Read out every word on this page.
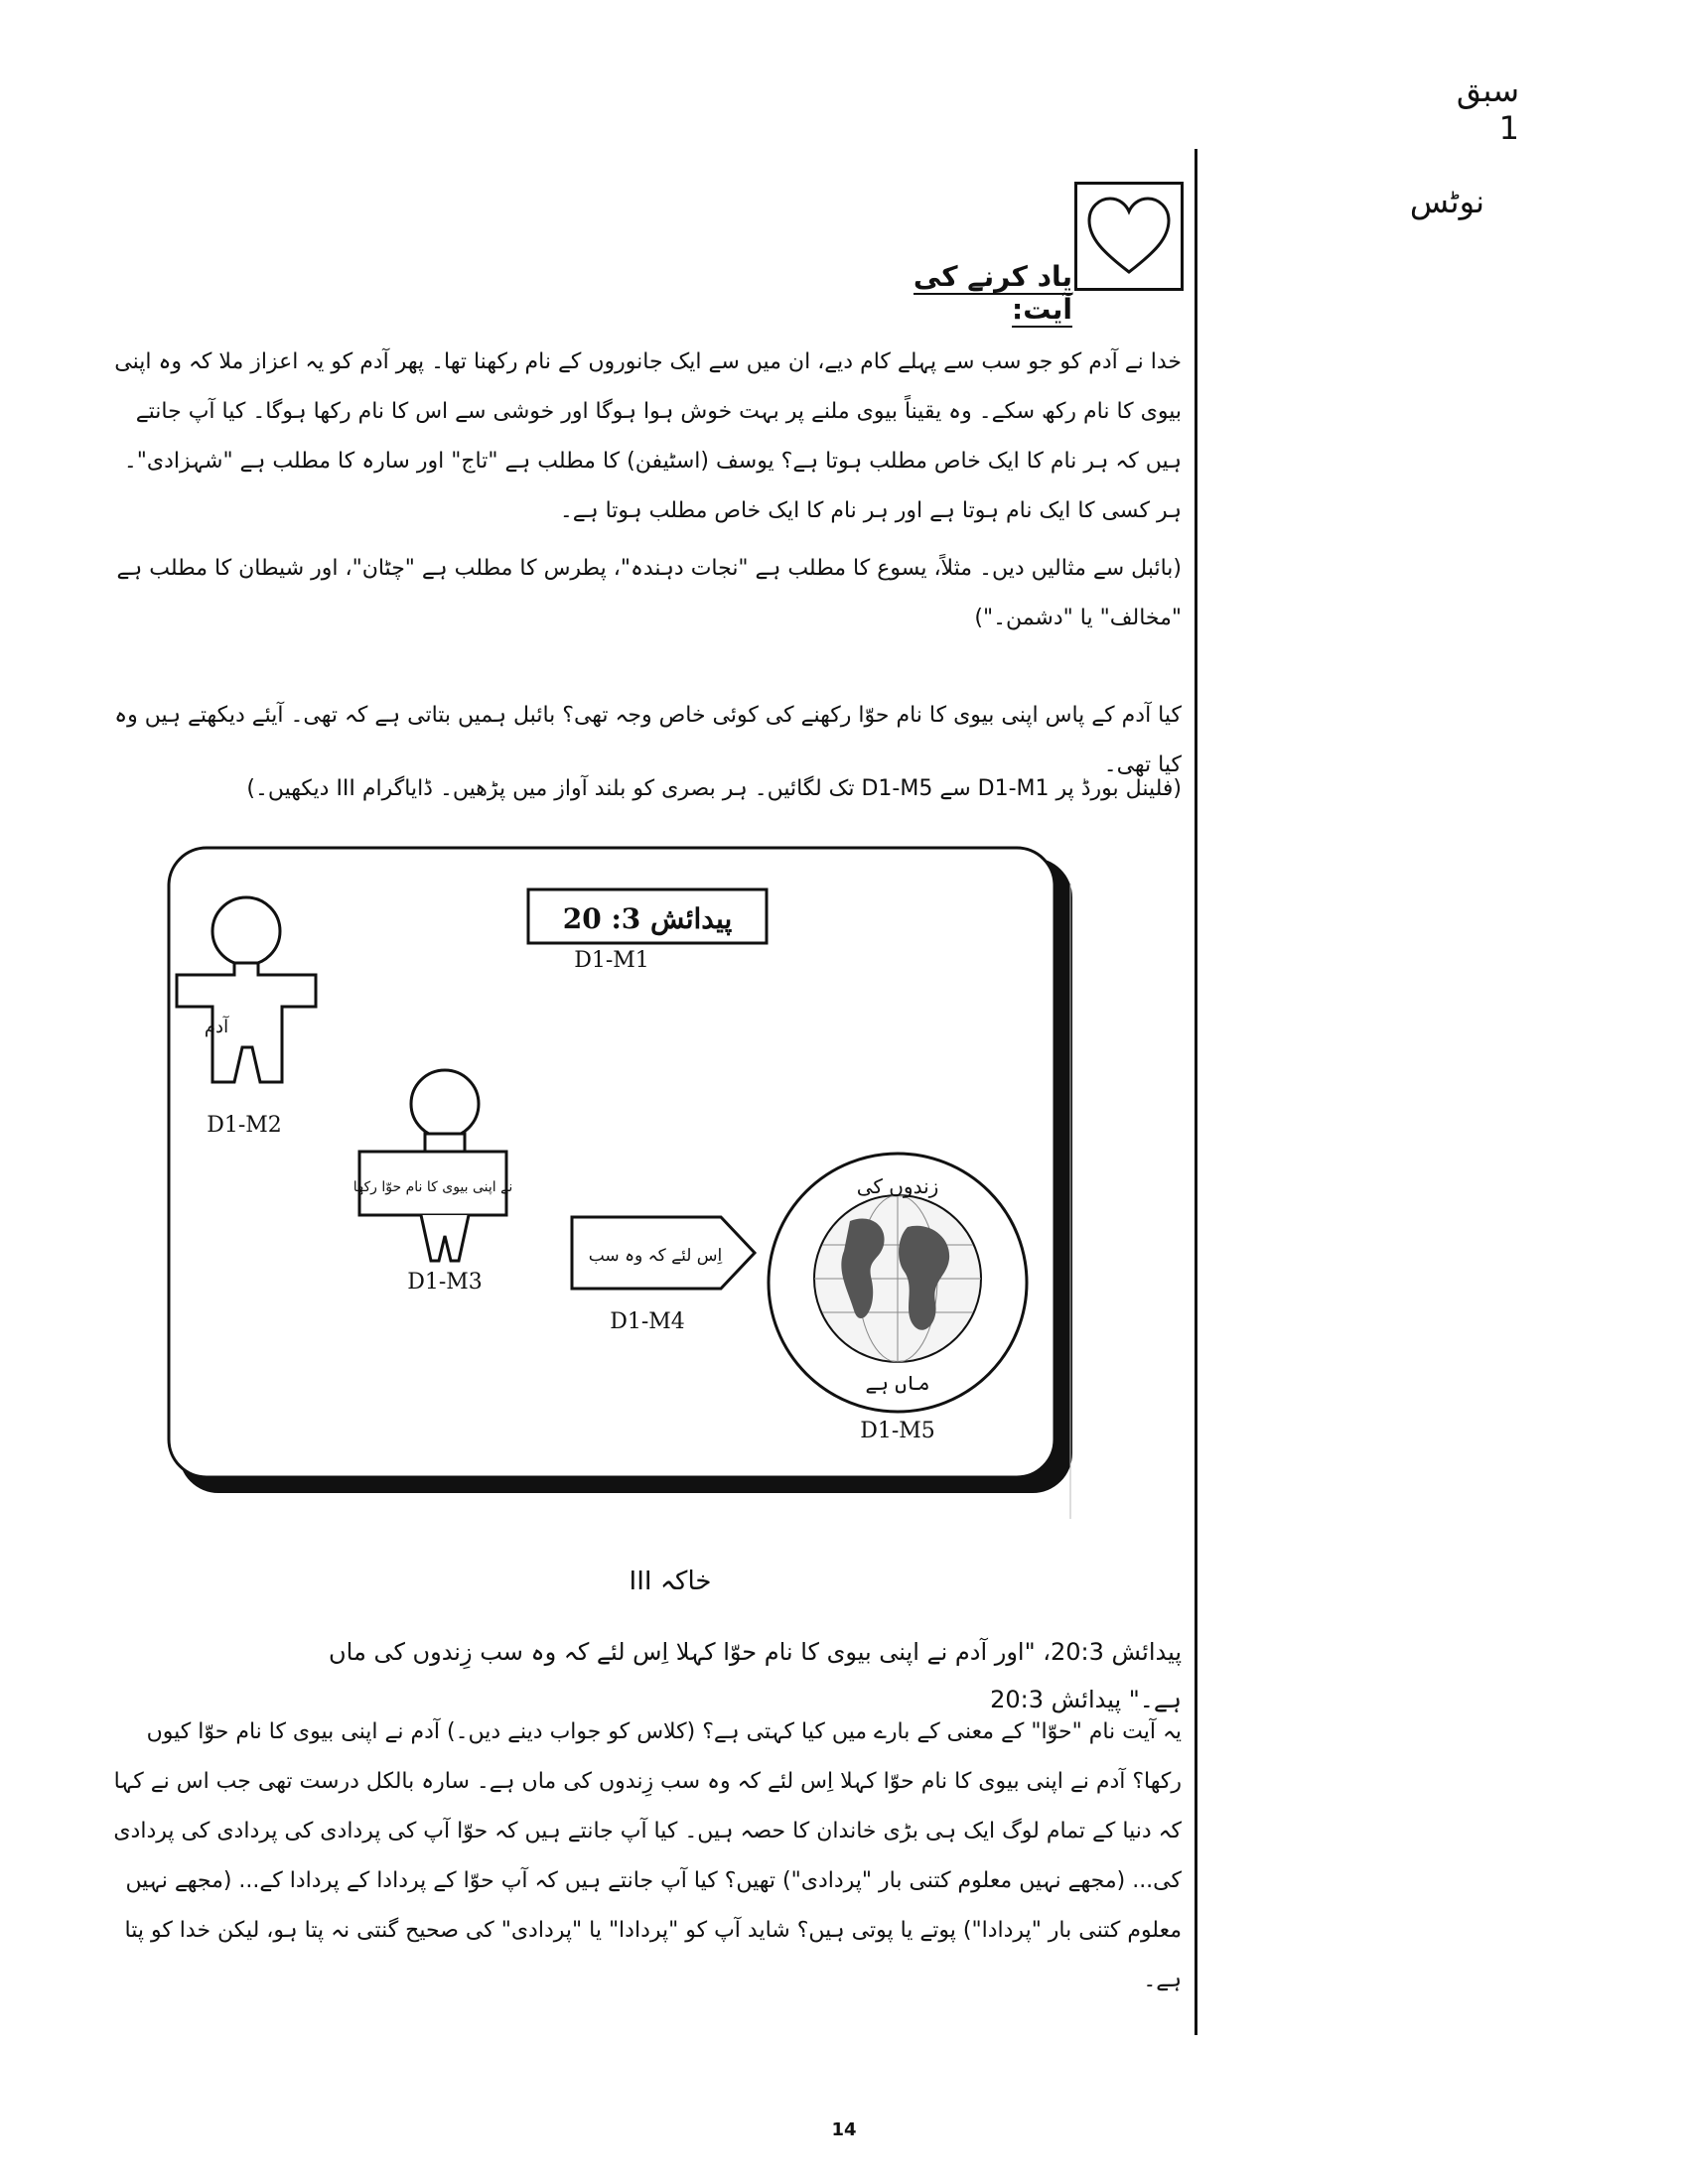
سبق 1
نوٹس
یاد کرنے کی آیت:
خدا نے آدم کو جو سب سے پہلے کام دیے، ان میں سے ایک جانوروں کے نام رکھنا تھا۔ پھر آدم کو یہ اعزاز ملا کہ وہ اپنی بیوی کا نام رکھ سکے۔ وہ یقیناً بیوی ملنے پر بہت خوش ہوا ہوگا اور خوشی سے اس کا نام رکھا ہوگا۔ کیا آپ جانتے ہیں کہ ہر نام کا ایک خاص مطلب ہوتا ہے؟ یوسف (اسٹیفن) کا مطلب ہے "تاج" اور سارہ کا مطلب ہے "شہزادی"۔ ہر کسی کا ایک نام ہوتا ہے اور ہر نام کا ایک خاص مطلب ہوتا ہے۔
(بائبل سے مثالیں دیں۔ مثلاً، یسوع کا مطلب ہے "نجات دہندہ"، پطرس کا مطلب ہے "چٹان"، اور شیطان کا مطلب ہے "مخالف" یا "دشمن۔")
کیا آدم کے پاس اپنی بیوی کا نام حوّا رکھنے کی کوئی خاص وجہ تھی؟ بائبل ہمیں بتاتی ہے کہ تھی۔ آیئے دیکھتے ہیں وہ کیا تھی۔
(فلینل بورڈ پر D1-M1 سے D1-M5 تک لگائیں۔ ہر بصری کو بلند آواز میں پڑھیں۔ ڈایاگرام III دیکھیں۔)
پیدائش 3: 20
D1-M1
آدم
D1-M2
نے اپنی بیوی کا نام حوّا رکھا
D1-M3
اِس لئے کہ وہ سب
D1-M4
زندوں کی
ماں ہے
D1-M5
خاکہ III
پیدائش 20:3، "اور آدم نے اپنی بیوی کا نام حوّا کہلا اِس لئے کہ وہ سب زِندوں کی ماں ہے۔" پیدائش 20:3
یہ آیت نام "حوّا" کے معنی کے بارے میں کیا کہتی ہے؟ (کلاس کو جواب دینے دیں۔) آدم نے اپنی بیوی کا نام حوّا کیوں رکھا؟ آدم نے اپنی بیوی کا نام حوّا کہلا اِس لئے کہ وہ سب زِندوں کی ماں ہے۔ سارہ بالکل درست تھی جب اس نے کہا کہ دنیا کے تمام لوگ ایک ہی بڑی خاندان کا حصہ ہیں۔ کیا آپ جانتے ہیں کہ حوّا آپ کی پردادی کی پردادی کی پردادی کی... (مجھے نہیں معلوم کتنی بار "پردادی") تھیں؟ کیا آپ جانتے ہیں کہ آپ حوّا کے پردادا کے پردادا کے... (مجھے نہیں معلوم کتنی بار "پردادا") پوتے یا پوتی ہیں؟ شاید آپ کو "پردادا" یا "پردادی" کی صحیح گنتی نہ پتا ہو، لیکن خدا کو پتا ہے۔
14
